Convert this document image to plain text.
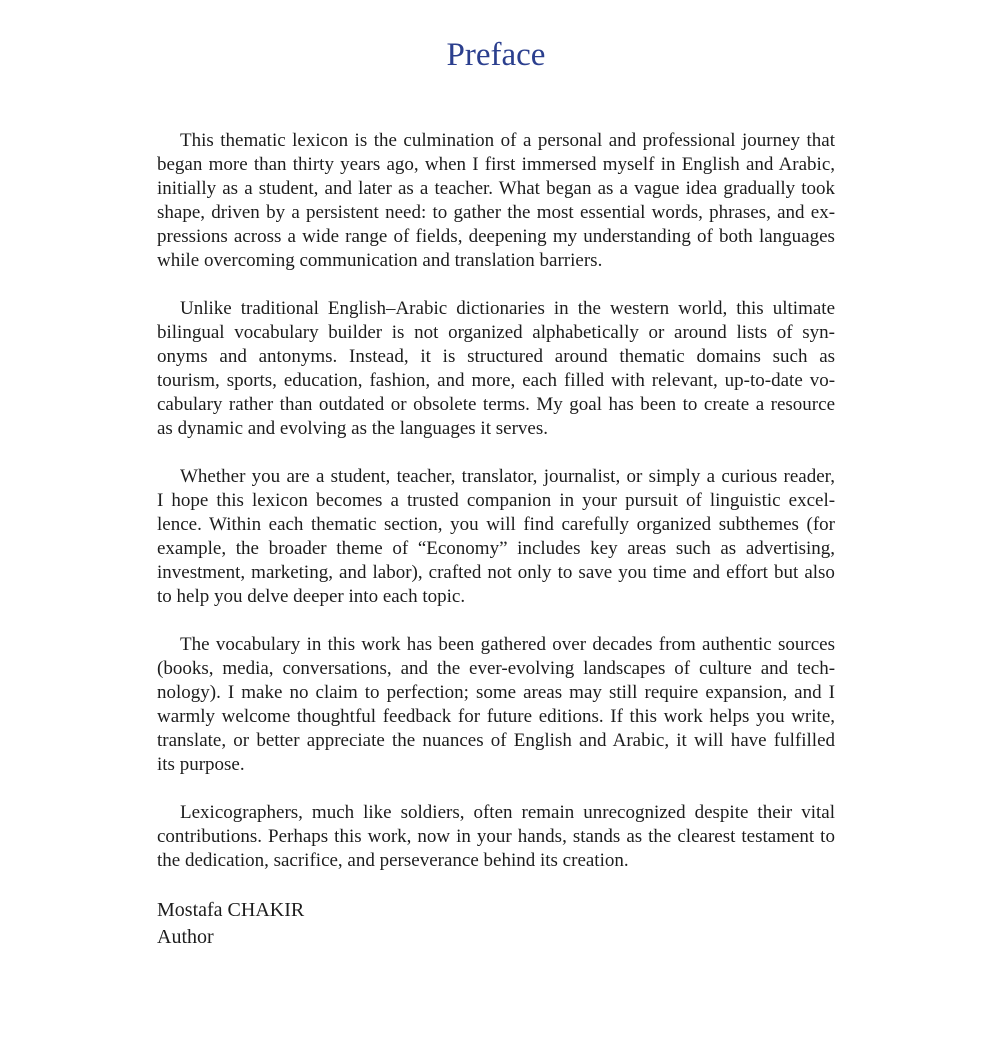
Preface
This thematic lexicon is the culmination of a personal and professional journey that
began more than thirty years ago, when I first immersed myself in English and Arabic,
initially as a student, and later as a teacher. What began as a vague idea gradually took
shape, driven by a persistent need: to gather the most essential words, phrases, and ex-
pressions across a wide range of fields, deepening my understanding of both languages
while overcoming communication and translation barriers.
Unlike traditional English–Arabic dictionaries in the western world, this ultimate
bilingual vocabulary builder is not organized alphabetically or around lists of syn-
onyms and antonyms. Instead, it is structured around thematic domains such as
tourism, sports, education, fashion, and more, each filled with relevant, up-to-date vo-
cabulary rather than outdated or obsolete terms. My goal has been to create a resource
as dynamic and evolving as the languages it serves.
Whether you are a student, teacher, translator, journalist, or simply a curious reader,
I hope this lexicon becomes a trusted companion in your pursuit of linguistic excel-
lence. Within each thematic section, you will find carefully organized subthemes (for
example, the broader theme of “Economy” includes key areas such as advertising,
investment, marketing, and labor), crafted not only to save you time and effort but also
to help you delve deeper into each topic.
The vocabulary in this work has been gathered over decades from authentic sources
(books, media, conversations, and the ever-evolving landscapes of culture and tech-
nology). I make no claim to perfection; some areas may still require expansion, and I
warmly welcome thoughtful feedback for future editions. If this work helps you write,
translate, or better appreciate the nuances of English and Arabic, it will have fulfilled
its purpose.
Lexicographers, much like soldiers, often remain unrecognized despite their vital
contributions. Perhaps this work, now in your hands, stands as the clearest testament to
the dedication, sacrifice, and perseverance behind its creation.
Mostafa CHAKIR
Author
